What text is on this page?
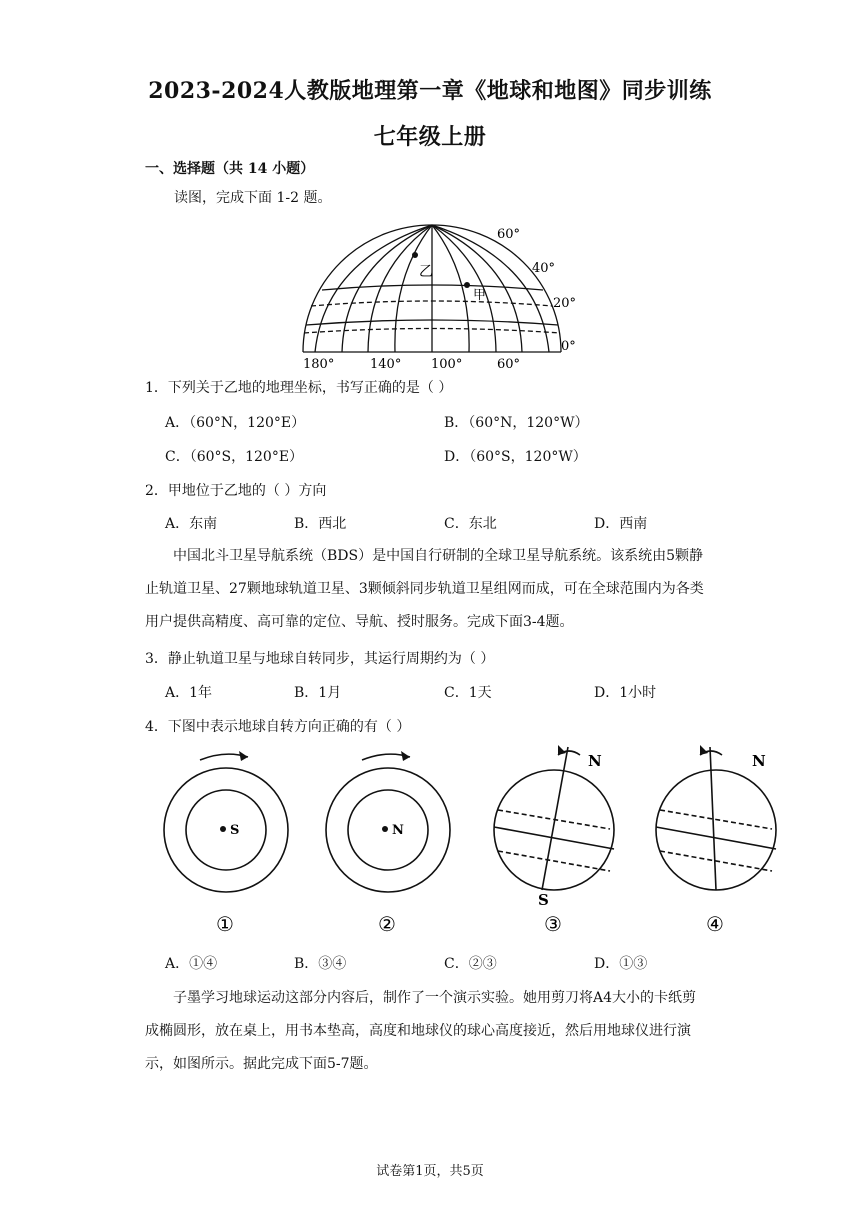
2023-2024人教版地理第一章《地球和地图》同步训练
七年级上册
一、选择题（共 14 小题）
读图，完成下面 1-2 题。
乙
甲
60°
40°
20°
0°
180°	140° 100°	60°
1．下列关于乙地的地理坐标，书写正确的是（ ）
A．（60°N，120°E）	B．（60°N，120°W）
C．（60°S，120°E）	D．（60°S，120°W）
2．甲地位于乙地的（ ）方向
A．东南	B．西北	C．东北	D．西南
中国北斗卫星导航系统（BDS）是中国自行研制的全球卫星导航系统。该系统由5颗静止轨道卫星、27颗地球轨道卫星、3颗倾斜同步轨道卫星组网而成，可在全球范围内为各类用户提供高精度、高可靠的定位、导航、授时服务。完成下面3-4题。
3．静止轨道卫星与地球自转同步，其运行周期约为（ ）
A．1年	B．1月	C．1天	D．1小时
4．下图中表示地球自转方向正确的有（ ）
S
①
N
②
N
S
③
N
④
A．①④	B．③④	C．②③	D．①③
子墨学习地球运动这部分内容后，制作了一个演示实验。她用剪刀将A4大小的卡纸剪成椭圆形，放在桌上，用书本垫高，高度和地球仪的球心高度接近，然后用地球仪进行演示，如图所示。据此完成下面5-7题。
试卷第1页，共5页
